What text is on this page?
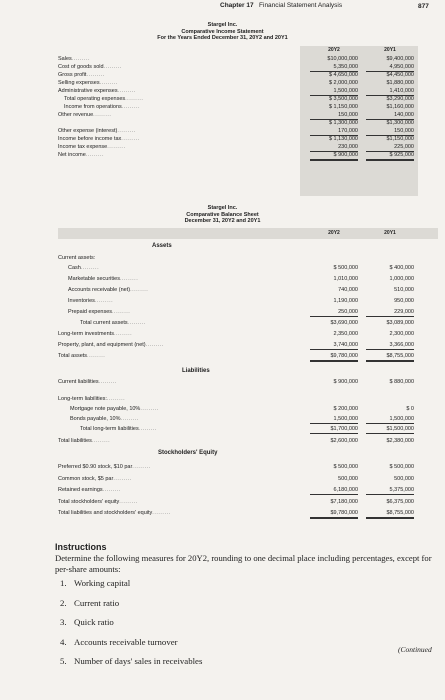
Chapter 17 Financial Statement Analysis	877
Stargel Inc.
Comparative Income Statement
For the Years Ended December 31, 20Y2 and 20Y1
20Y2	20Y1
Sales.........	$10,000,000	$9,400,000
Cost of goods sold.........	5,350,000	4,950,000
Gross profit.........	$ 4,650,000	$4,450,000
Selling expenses.........	$ 2,000,000	$1,880,000
Administrative expenses.........	1,500,000	1,410,000
Total operating expenses.........	$ 3,500,000	$3,290,000
Income from operations.........	$ 1,150,000	$1,160,000
Other revenue.........	150,000	140,000
$ 1,300,000	$1,300,000
Other expense (interest).........	170,000	150,000
Income before income tax.........	$ 1,130,000	$1,150,000
Income tax expense.........	230,000	225,000
Net income.........	$ 900,000	$ 925,000
Stargel Inc.
Comparative Balance Sheet
December 31, 20Y2 and 20Y1
20Y2	20Y1
Assets
Current assets:
Cash.........	$ 500,000	$ 400,000
Marketable securities.........	1,010,000	1,000,000
Accounts receivable (net).........	740,000	510,000
Inventories.........	1,190,000	950,000
Prepaid expenses.........	250,000	229,000
Total current assets.........	$3,690,000	$3,089,000
Long-term investments.........	2,350,000	2,300,000
Property, plant, and equipment (net).........	3,740,000	3,366,000
Total assets.........	$9,780,000	$8,755,000
Liabilities
Current liabilities.........	$ 900,000	$ 880,000
Long-term liabilities:.........
Mortgage note payable, 10%.........	$ 200,000	$ 0
Bonds payable, 10%.........	1,500,000	1,500,000
Total long-term liabilities.........	$1,700,000	$1,500,000
Total liabilities.........	$2,600,000	$2,380,000
Stockholders' Equity
Preferred $0.90 stock, $10 par.........	$ 500,000	$ 500,000
Common stock, $5 par.........	500,000	500,000
Retained earnings.........	6,180,000	5,375,000
Total stockholders' equity.........	$7,180,000	$6,375,000
Total liabilities and stockholders' equity.........	$9,780,000	$8,755,000
Instructions
Determine the following measures for 20Y2, rounding to one decimal place including percentages, except for per-share amounts:
1. Working capital
2. Current ratio
3. Quick ratio
4. Accounts receivable turnover
5. Number of days' sales in receivables
(Continued
